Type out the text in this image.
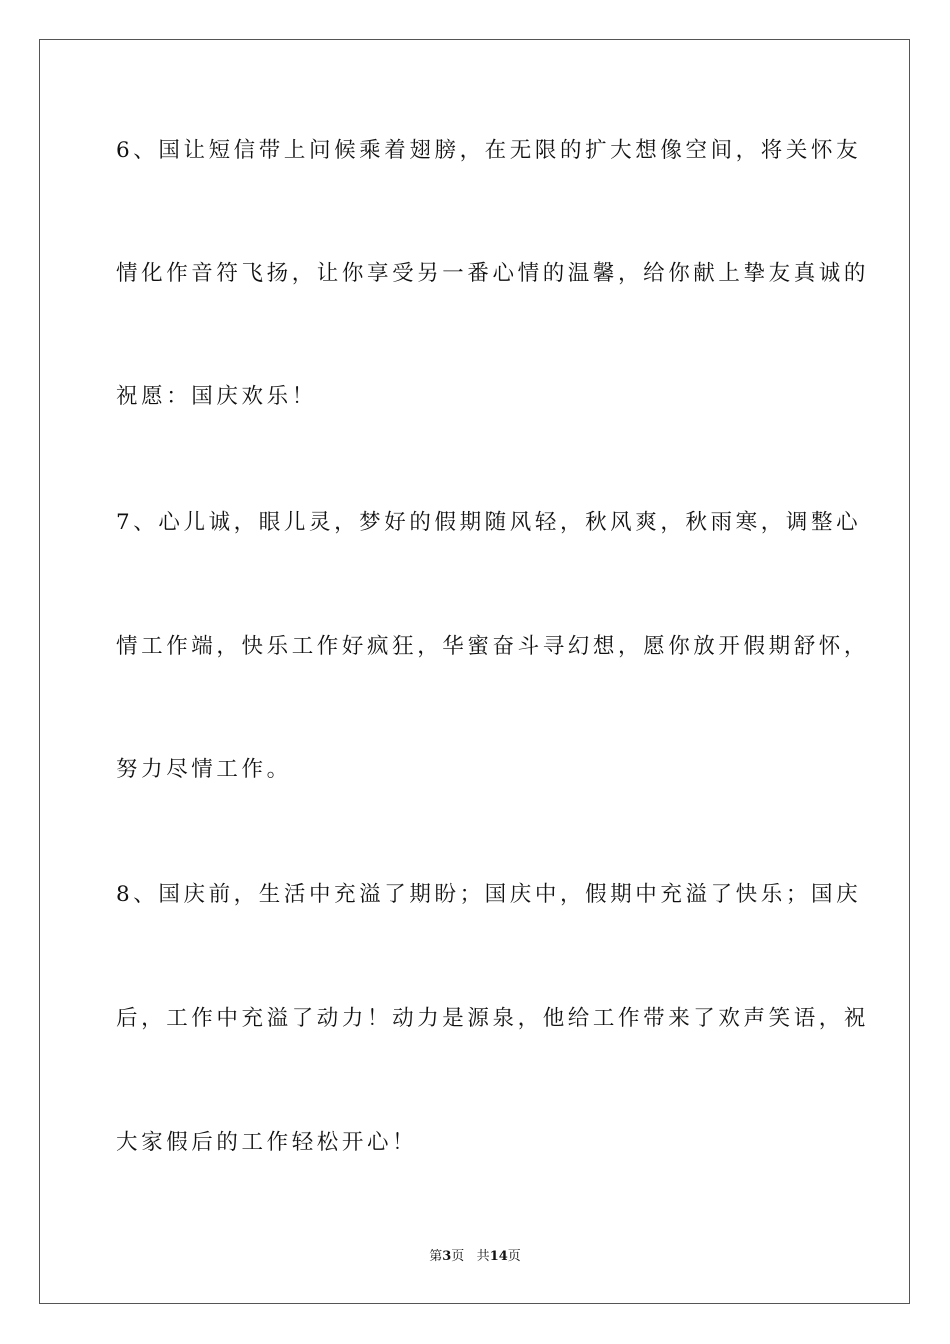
6、国让短信带上问候乘着翅膀，在无限的扩大想像空间，将关怀友
情化作音符飞扬，让你享受另一番心情的温馨，给你献上挚友真诚的
祝愿：国庆欢乐！
7、心儿诚，眼儿灵，梦好的假期随风轻，秋风爽，秋雨寒，调整心
情工作端，快乐工作好疯狂，华蜜奋斗寻幻想，愿你放开假期舒怀，
努力尽情工作。
8、国庆前，生活中充溢了期盼；国庆中，假期中充溢了快乐；国庆
后，工作中充溢了动力！动力是源泉，他给工作带来了欢声笑语，祝
大家假后的工作轻松开心！
第3页 共14页
